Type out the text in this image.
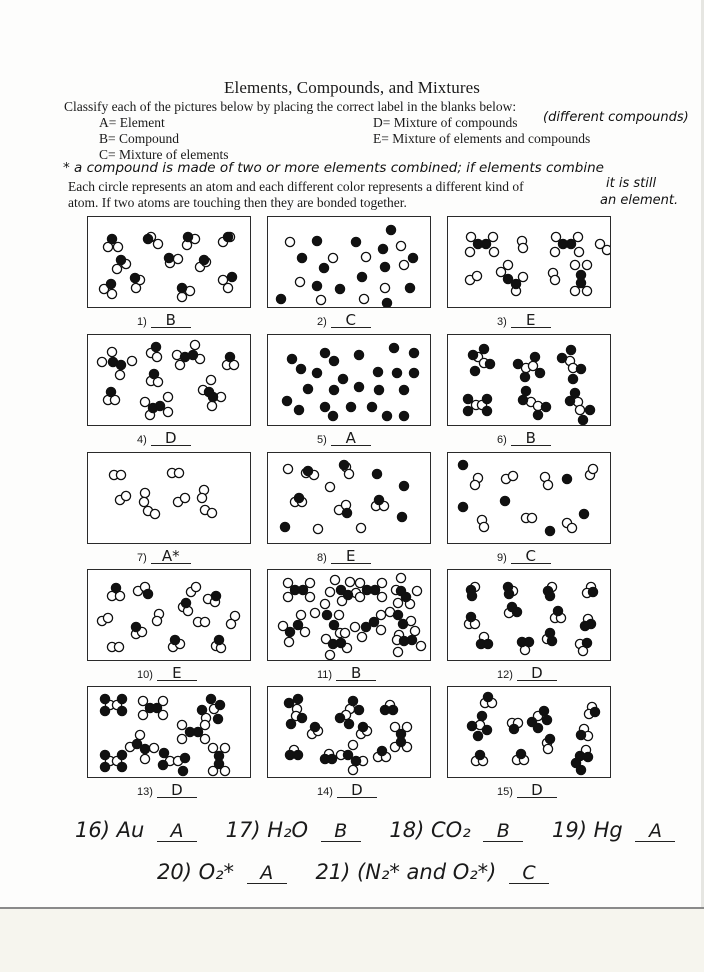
Elements, Compounds, and Mixtures
Classify each of the pictures below by placing the correct label in the blanks below:
A= Element
B= Compound
C= Mixture of elements
D= Mixture of compounds (different compounds)
E= Mixture of elements and compounds
* a compound is made of two or more elements combined; if elements combine
Each circle represents an atom and each different color represents a different kind of
atom. If two atoms are touching then they are bonded together.
it is still
an element.
1) B	2) C	3) E
4) D	5) A	6) B
7) A*	8) E	9) C
10) E	11) B	12) D
13) D	14) D	15) D
16) Au A 17) H₂O B 18) CO₂ B 19) Hg A
20) O₂* A 21) (N₂* and O₂*) C
